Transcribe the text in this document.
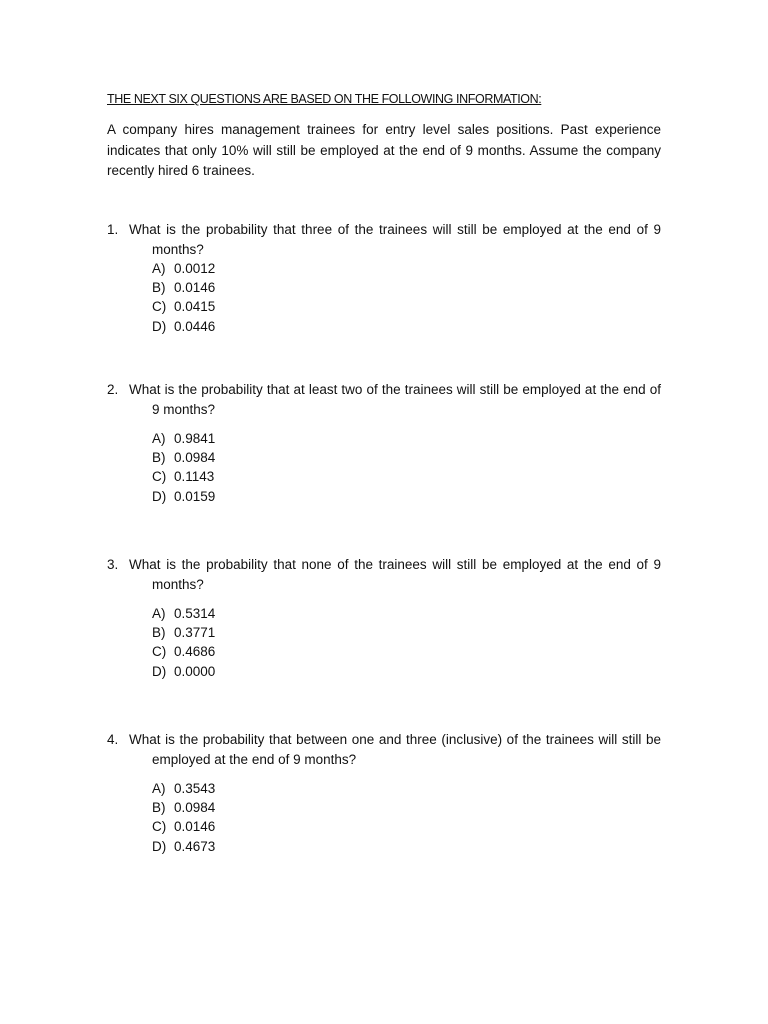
THE NEXT SIX QUESTIONS ARE BASED ON THE FOLLOWING INFORMATION:

A company hires management trainees for entry level sales positions. Past experience indicates that only 10% will still be employed at the end of 9 months. Assume the company recently hired 6 trainees.

1. What is the probability that three of the trainees will still be employed at the end of 9 months?
A) 0.0012
B) 0.0146
C) 0.0415
D) 0.0446
2. What is the probability that at least two of the trainees will still be employed at the end of 9 months?
A) 0.9841
B) 0.0984
C) 0.1143
D) 0.0159
3. What is the probability that none of the trainees will still be employed at the end of 9 months?
A) 0.5314
B) 0.3771
C) 0.4686
D) 0.0000
4. What is the probability that between one and three (inclusive) of the trainees will still be employed at the end of 9 months?
A) 0.3543
B) 0.0984
C) 0.0146
D) 0.4673
